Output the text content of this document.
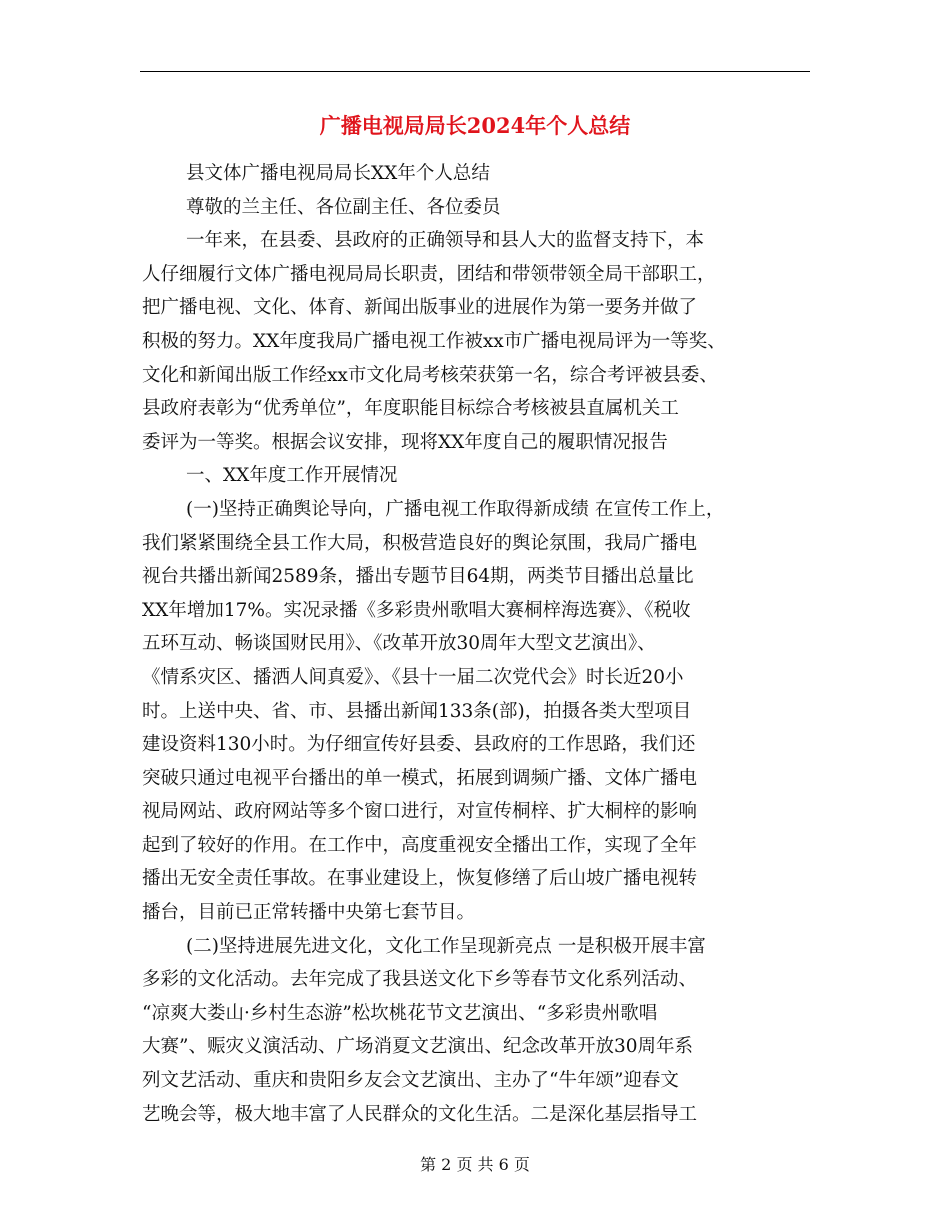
广播电视局局长2024年个人总结
县文体广播电视局局长XX年个人总结
尊敬的兰主任、各位副主任、各位委员
一年来，在县委、县政府的正确领导和县人大的监督支持下，本
人仔细履行文体广播电视局局长职责，团结和带领带领全局干部职工，
把广播电视、文化、体育、新闻出版事业的进展作为第一要务并做了
积极的努力。XX年度我局广播电视工作被xx市广播电视局评为一等奖、
文化和新闻出版工作经xx市文化局考核荣获第一名，综合考评被县委、
县政府表彰为“优秀单位”，年度职能目标综合考核被县直属机关工
委评为一等奖。根据会议安排，现将XX年度自己的履职情况报告
一、XX年度工作开展情况
(一)坚持正确舆论导向，广播电视工作取得新成绩 在宣传工作上，
我们紧紧围绕全县工作大局，积极营造良好的舆论氛围，我局广播电
视台共播出新闻2589条，播出专题节目64期，两类节目播出总量比
XX年增加17%。实况录播《多彩贵州歌唱大赛桐梓海选赛》、《税收
五环互动、畅谈国财民用》、《改革开放30周年大型文艺演出》、
《情系灾区、播洒人间真爱》、《县十一届二次党代会》时长近20小
时。上送中央、省、市、县播出新闻133条(部)，拍摄各类大型项目
建设资料130小时。为仔细宣传好县委、县政府的工作思路，我们还
突破只通过电视平台播出的单一模式，拓展到调频广播、文体广播电
视局网站、政府网站等多个窗口进行，对宣传桐梓、扩大桐梓的影响
起到了较好的作用。在工作中，高度重视安全播出工作，实现了全年
播出无安全责任事故。在事业建设上，恢复修缮了后山坡广播电视转
播台，目前已正常转播中央第七套节目。
(二)坚持进展先进文化，文化工作呈现新亮点 一是积极开展丰富
多彩的文化活动。去年完成了我县送文化下乡等春节文化系列活动、
“凉爽大娄山·乡村生态游”松坎桃花节文艺演出、“多彩贵州歌唱
大赛”、赈灾义演活动、广场消夏文艺演出、纪念改革开放30周年系
列文艺活动、重庆和贵阳乡友会文艺演出、主办了“牛年颂”迎春文
艺晚会等，极大地丰富了人民群众的文化生活。二是深化基层指导工
第 2 页 共 6 页
